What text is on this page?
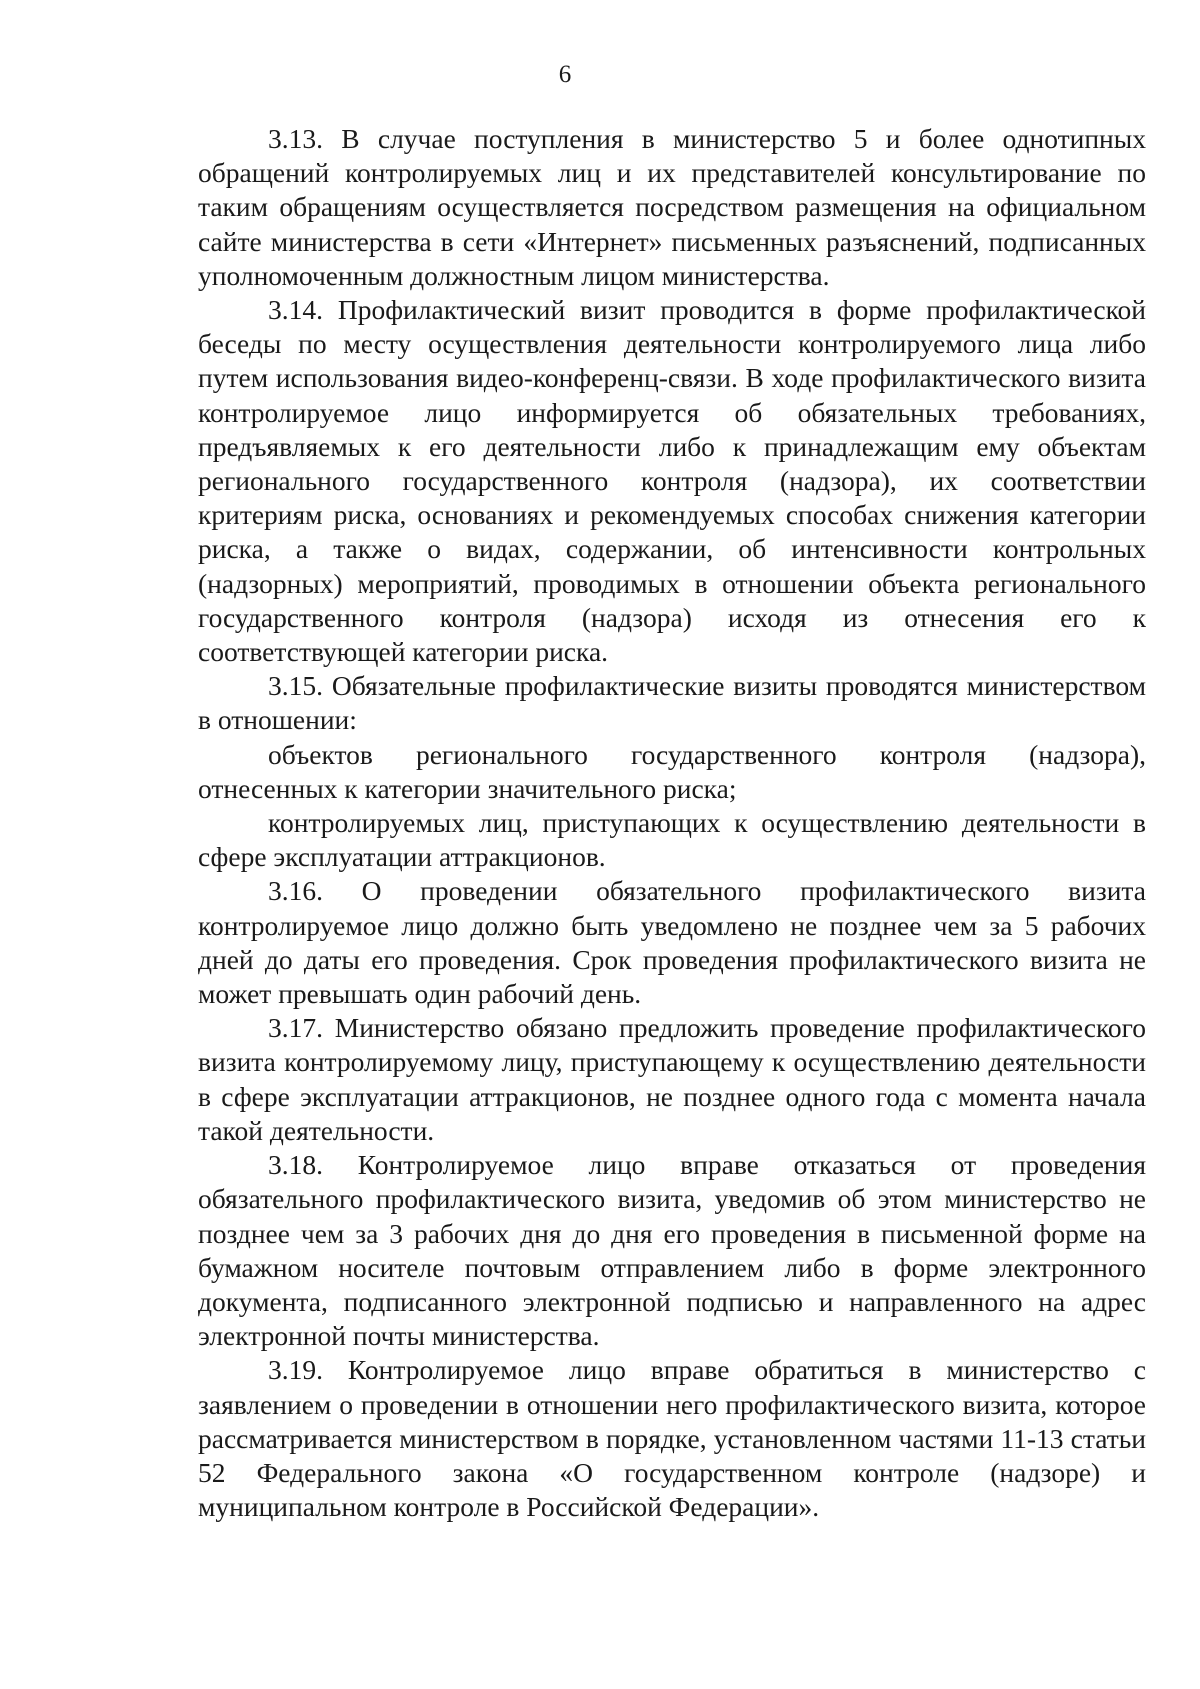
6

3.13. В случае поступления в министерство 5 и более однотипных обращений контролируемых лиц и их представителей консультирование по таким обращениям осуществляется посредством размещения на официальном сайте министерства в сети «Интернет» письменных разъяснений, подписанных уполномоченным должностным лицом министерства.

3.14. Профилактический визит проводится в форме профилактической беседы по месту осуществления деятельности контролируемого лица либо путем использования видео-конференц-связи. В ходе профилактического визита контролируемое лицо информируется об обязательных требованиях, предъявляемых к его деятельности либо к принадлежащим ему объектам регионального государственного контроля (надзора), их соответствии критериям риска, основаниях и рекомендуемых способах снижения категории риска, а также о видах, содержании, об интенсивности контрольных (надзорных) мероприятий, проводимых в отношении объекта регионального государственного контроля (надзора) исходя из отнесения его к соответствующей категории риска.

3.15. Обязательные профилактические визиты проводятся министерством в отношении:

объектов регионального государственного контроля (надзора), отнесенных к категории значительного риска;

контролируемых лиц, приступающих к осуществлению деятельности в сфере эксплуатации аттракционов.

3.16. О проведении обязательного профилактического визита контролируемое лицо должно быть уведомлено не позднее чем за 5 рабочих дней до даты его проведения. Срок проведения профилактического визита не может превышать один рабочий день.

3.17. Министерство обязано предложить проведение профилактического визита контролируемому лицу, приступающему к осуществлению деятельности в сфере эксплуатации аттракционов, не позднее одного года с момента начала такой деятельности.

3.18. Контролируемое лицо вправе отказаться от проведения обязательного профилактического визита, уведомив об этом министерство не позднее чем за 3 рабочих дня до дня его проведения в письменной форме на бумажном носителе почтовым отправлением либо в форме электронного документа, подписанного электронной подписью и направленного на адрес электронной почты министерства.

3.19. Контролируемое лицо вправе обратиться в министерство с заявлением о проведении в отношении него профилактического визита, которое рассматривается министерством в порядке, установленном частями 11-13 статьи 52 Федерального закона «О государственном контроле (надзоре) и муниципальном контроле в Российской Федерации».
